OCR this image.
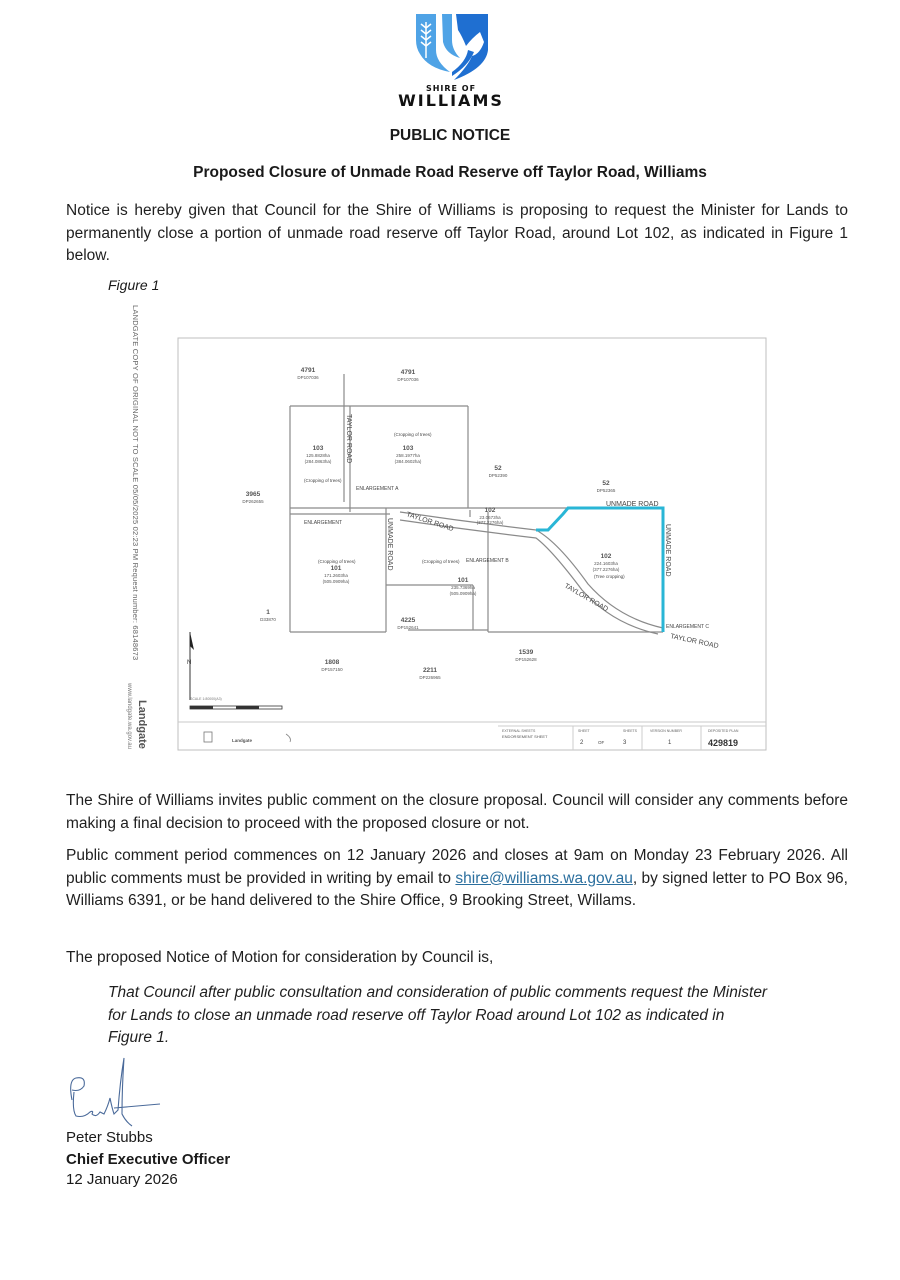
SHIRE OF
WILLIAMS
PUBLIC NOTICE
Proposed Closure of Unmade Road Reserve off Taylor Road, Williams
Notice is hereby given that Council for the Shire of Williams is proposing to request the Minister for Lands to permanently close a portion of unmade road reserve off Taylor Road, around Lot 102, as indicated in Figure 1 below.
Figure 1
LANDGATE COPY OF ORIGINAL NOT TO SCALE 05/05/2025 02:23 PM Request number: 68148673
www.landgate.wa.gov.au Landgate
4791
DP107036
4791
DP107036
103
125.8828ha
(284.0863ha)
103
258.1977ha
(384.0602ha)
52
DP52390
52
DP52365
3965
DP262655
102
23.0673ha
(377.2276ha)
102
224.1603ha
(377.2276ha)
101
171.2603ha
(505.0909ha)	101
235.7369ha
(505.0909ha)
1
D33870	4225
DP152641
1808
DP157150	2211
DP226965
1539
DP152628
TAYLOR ROAD
TAYLOR ROAD
UNMADE ROAD
UNMADE ROAD
UNMADE ROAD
TAYLOR ROAD
TAYLOR ROAD
ENLARGEMENT A
ENLARGEMENT
ENLARGEMENT B
ENLARGEMENT C
(Cropping of trees)
(Cropping of trees)
(Cropping of trees)	(Cropping of trees)
(Tree cropping)
N
SCALE 1:80000(A3)
Landgate
EXTERNAL SHEETS
ENDORSEMENT SHEET
SHEET	SHEETS
2	OF	3
VERSION NUMBER
1
DEPOSITED PLAN
429819
The Shire of Williams invites public comment on the closure proposal. Council will consider any comments before making a final decision to proceed with the proposed closure or not.
Public comment period commences on 12 January 2026 and closes at 9am on Monday 23 February 2026. All public comments must be provided in writing by email to shire@williams.wa.gov.au, by signed letter to PO Box 96, Williams 6391, or be hand delivered to the Shire Office, 9 Brooking Street, Willams.
The proposed Notice of Motion for consideration by Council is,
That Council after public consultation and consideration of public comments request the Minister for Lands to close an unmade road reserve off Taylor Road around Lot 102 as indicated in Figure 1.
Peter Stubbs
Chief Executive Officer
12 January 2026
